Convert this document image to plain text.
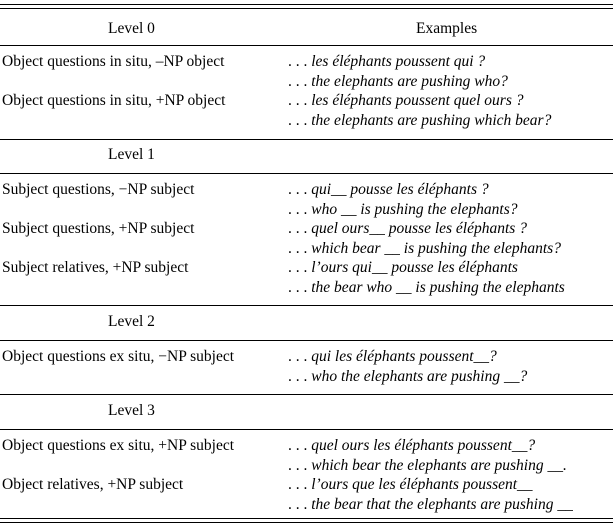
Level 0	Examples
Object questions in situ, –NP object	. . . les éléphants poussent qui ?
. . . the elephants are pushing who?
Object questions in situ, +NP object	. . . les éléphants poussent quel ours ?
. . . the elephants are pushing which bear?
Level 1
Subject questions, −NP subject	. . . qui__ pousse les éléphants ?
. . . who __ is pushing the elephants?
Subject questions, +NP subject	. . . quel ours__ pousse les éléphants ?
. . . which bear __ is pushing the elephants?
Subject relatives, +NP subject	. . . l’ours qui__ pousse les éléphants
. . . the bear who __ is pushing the elephants
Level 2
Object questions ex situ, −NP subject	. . . qui les éléphants poussent__?
. . . who the elephants are pushing __?
Level 3
Object questions ex situ, +NP subject	. . . quel ours les éléphants poussent__?
. . . which bear the elephants are pushing __.
Object relatives, +NP subject	. . . l’ours que les éléphants poussent__
. . . the bear that the elephants are pushing __
